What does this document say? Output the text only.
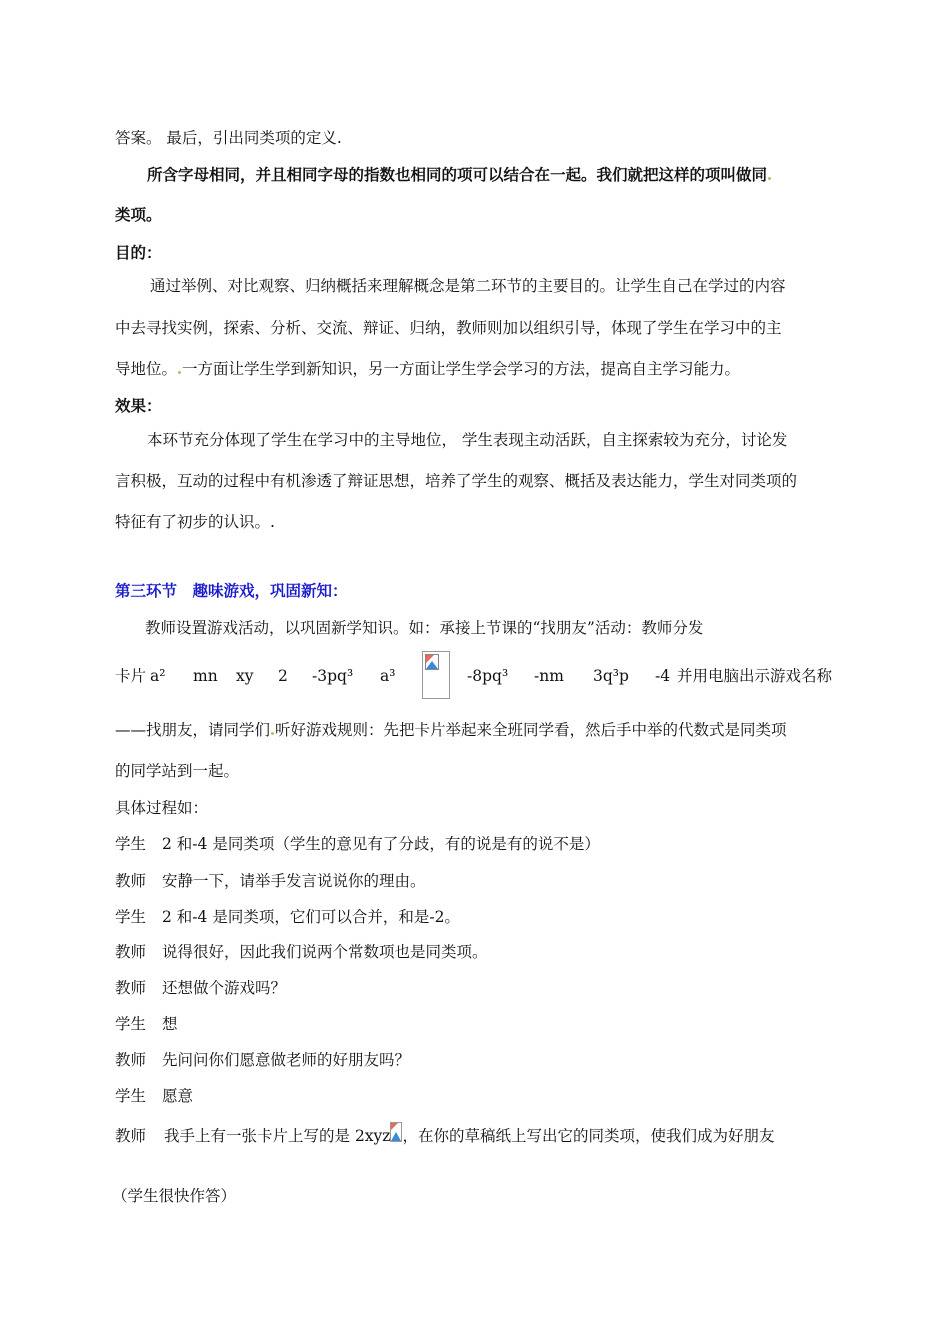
答案。 最后，引出同类项的定义.
所含字母相同，并且相同字母的指数也相同的项可以结合在一起。我们就把这样的项叫做同
类项。
目的：
通过举例、对比观察、归纳概括来理解概念是第二环节的主要目的。让学生自己在学过的内容
中去寻找实例，探索、分析、交流、辩证、归纳，教师则加以组织引导，体现了学生在学习中的主
导地位。 一方面让学生学到新知识，另一方面让学生学会学习的方法，提高自主学习能力。
效果：
本环节充分体现了学生在学习中的主导地位， 学生表现主动活跃，自主探索较为充分，讨论发
言积极，互动的过程中有机渗透了辩证思想，培养了学生的观察、概括及表达能力，学生对同类项的
特征有了初步的认识。.
第三环节　趣味游戏，巩固新知：
教师设置游戏活动，以巩固新学知识。如：承接上节课的“找朋友”活动：教师分发
卡片 a² mn xy 2 -3pq³ a³	-8pq³ -nm 3q³p -4 并用电脑出示游戏名称
——找朋友，请同学们 听好游戏规则：先把卡片举起来全班同学看，然后手中举的代数式是同类项
的同学站到一起。
具体过程如：
学生 2 和-4 是同类项（学生的意见有了分歧，有的说是有的说不是）
教师 安静一下，请举手发言说说你的理由。
学生 2 和-4 是同类项，它们可以合并，和是-2。
教师 说得很好，因此我们说两个常数项也是同类项。
教师 还想做个游戏吗？
学生 想
教师 先问问你们愿意做老师的好朋友吗？
学生 愿意
教师 我手上有一张卡片上写的是 2xyz ，在你的草稿纸上写出它的同类项，使我们成为好朋友
（学生很快作答）
